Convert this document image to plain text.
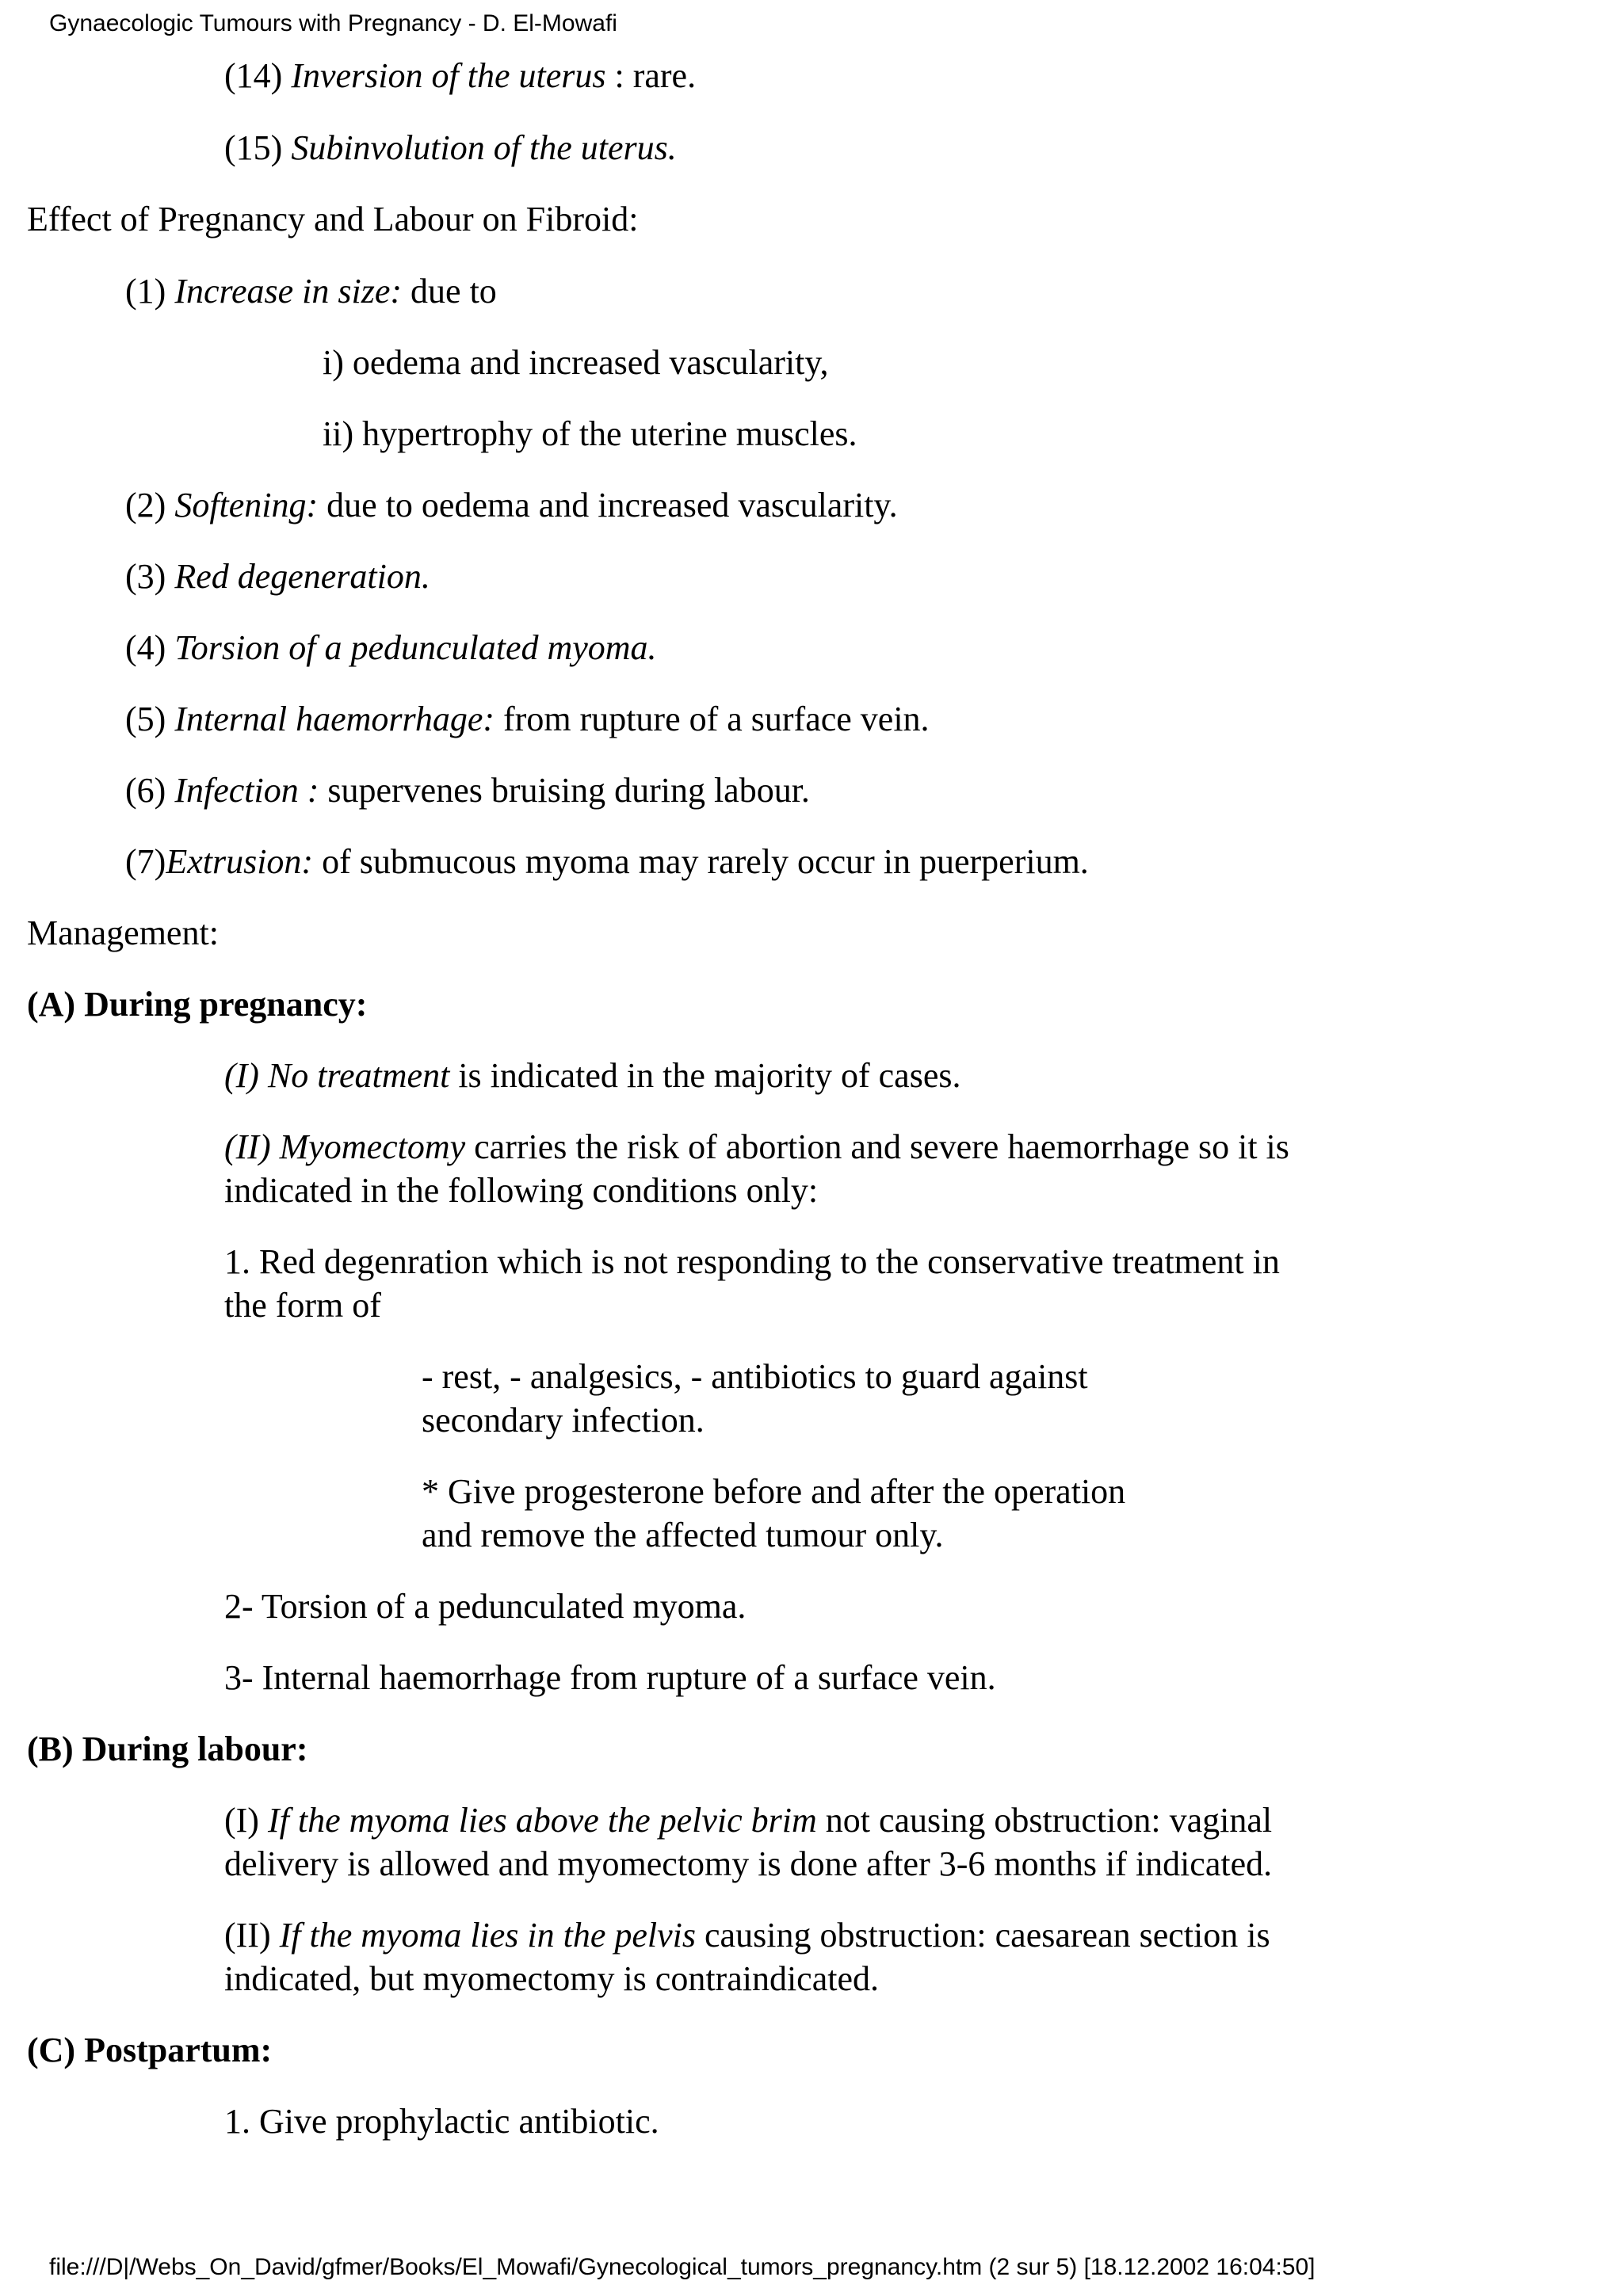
Gynaecologic Tumours with Pregnancy - D. El-Mowafi
(14) Inversion of the uterus : rare.
(15) Subinvolution of the uterus.
Effect of Pregnancy and Labour on Fibroid:
(1) Increase in size: due to
i) oedema and increased vascularity,
ii) hypertrophy of the uterine muscles.
(2) Softening: due to oedema and increased vascularity.
(3) Red degeneration.
(4) Torsion of a pedunculated myoma.
(5) Internal haemorrhage: from rupture of a surface vein.
(6) Infection : supervenes bruising during labour.
(7)Extrusion: of submucous myoma may rarely occur in puerperium.
Management:
(A) During pregnancy:
(I) No treatment is indicated in the majority of cases.
(II) Myomectomy carries the risk of abortion and severe haemorrhage so it is
indicated in the following conditions only:
1. Red degenration which is not responding to the conservative treatment in
the form of
- rest, - analgesics, - antibiotics to guard against
secondary infection.
* Give progesterone before and after the operation
and remove the affected tumour only.
2- Torsion of a pedunculated myoma.
3- Internal haemorrhage from rupture of a surface vein.
(B) During labour:
(I) If the myoma lies above the pelvic brim not causing obstruction: vaginal
delivery is allowed and myomectomy is done after 3-6 months if indicated.
(II) If the myoma lies in the pelvis causing obstruction: caesarean section is
indicated, but myomectomy is contraindicated.
(C) Postpartum:
1. Give prophylactic antibiotic.
file:///D|/Webs_On_David/gfmer/Books/El_Mowafi/Gynecological_tumors_pregnancy.htm (2 sur 5) [18.12.2002 16:04:50]
